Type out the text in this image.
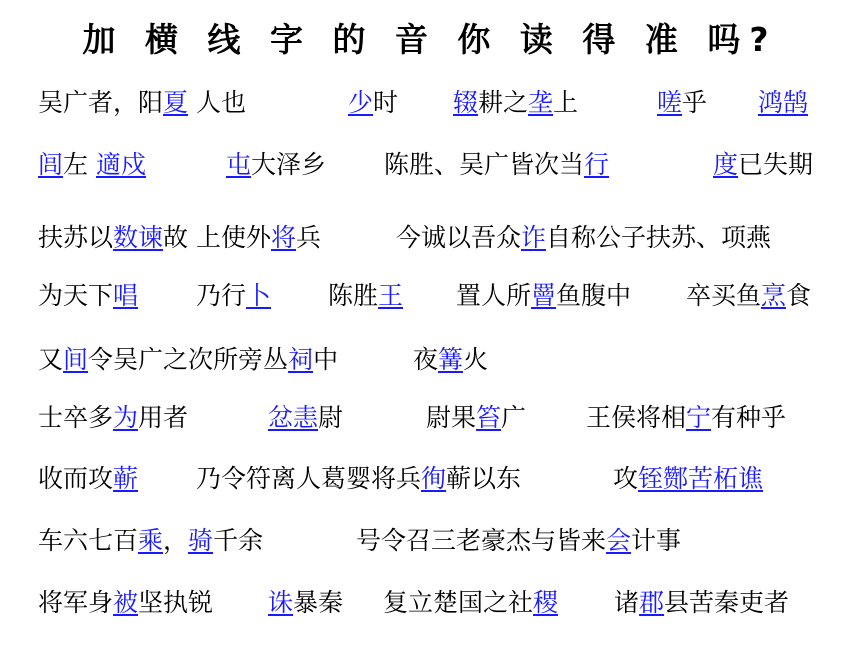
加 横 线 字 的 音 你 读 得 准 吗?
吴广者，阳夏 人也	少时 辍耕之垄上	嗟乎 鸿鹄
闾左 適戍	屯大泽乡 陈胜、吴广皆次当行	度已失期
扶苏以数谏故 上使外将兵	今诚以吾众诈自称公子扶苏、项燕
为天下唱 乃行卜 陈胜王 置人所罾鱼腹中 卒买鱼烹食
又间令吴广之次所旁丛祠中	夜篝火
士卒多为用者	忿恚尉	尉果笞广 王侯将相宁有种乎
收而攻蕲 乃令符离人葛婴将兵徇蕲以东	攻铚酂苦柘谯
车六七百乘，骑千余	号令召三老豪杰与皆来会计事
将军身被坚执锐 诛暴秦 复立楚国之社稷 诸郡县苦秦吏者
